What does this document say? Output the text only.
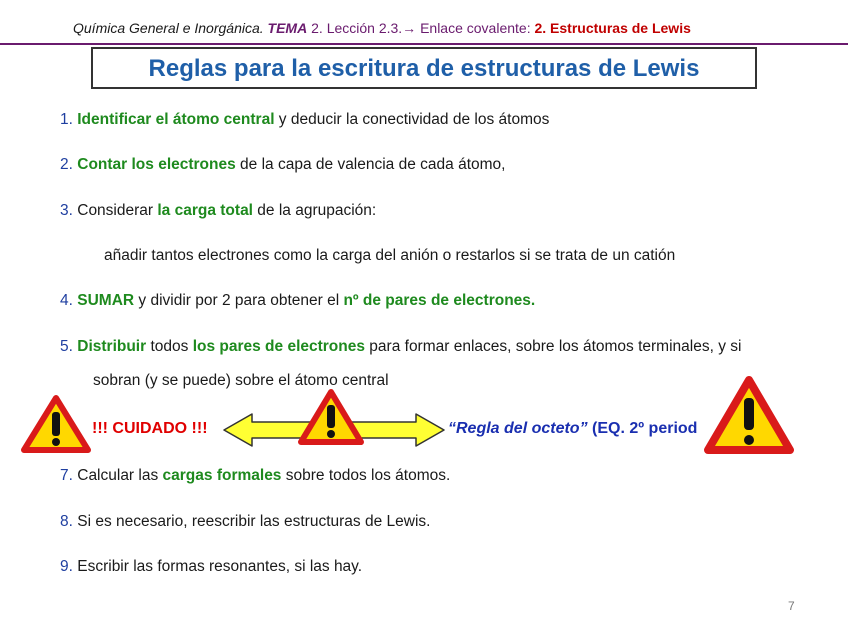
Química General e Inorgánica. TEMA 2. Lección 2.3.→ Enlace covalente: 2. Estructuras de Lewis
Reglas para la escritura de estructuras de Lewis
1. Identificar el átomo central y deducir la conectividad de los átomos
2. Contar los electrones de la capa de valencia de cada átomo,
3. Considerar la carga total de la agrupación:
añadir tantos electrones como la carga del anión o restarlos si se trata de un catión
4. SUMAR y dividir por 2 para obtener el nº de pares de electrones.
5. Distribuir todos los pares de electrones para formar enlaces, sobre los átomos terminales, y si
sobran (y se puede) sobre el átomo central
!!! CUIDADO !!!	“Regla del octeto” (EQ. 2º period
7. Calcular las cargas formales sobre todos los átomos.
8. Si es necesario, reescribir las estructuras de Lewis.
9. Escribir las formas resonantes, si las hay.
7
